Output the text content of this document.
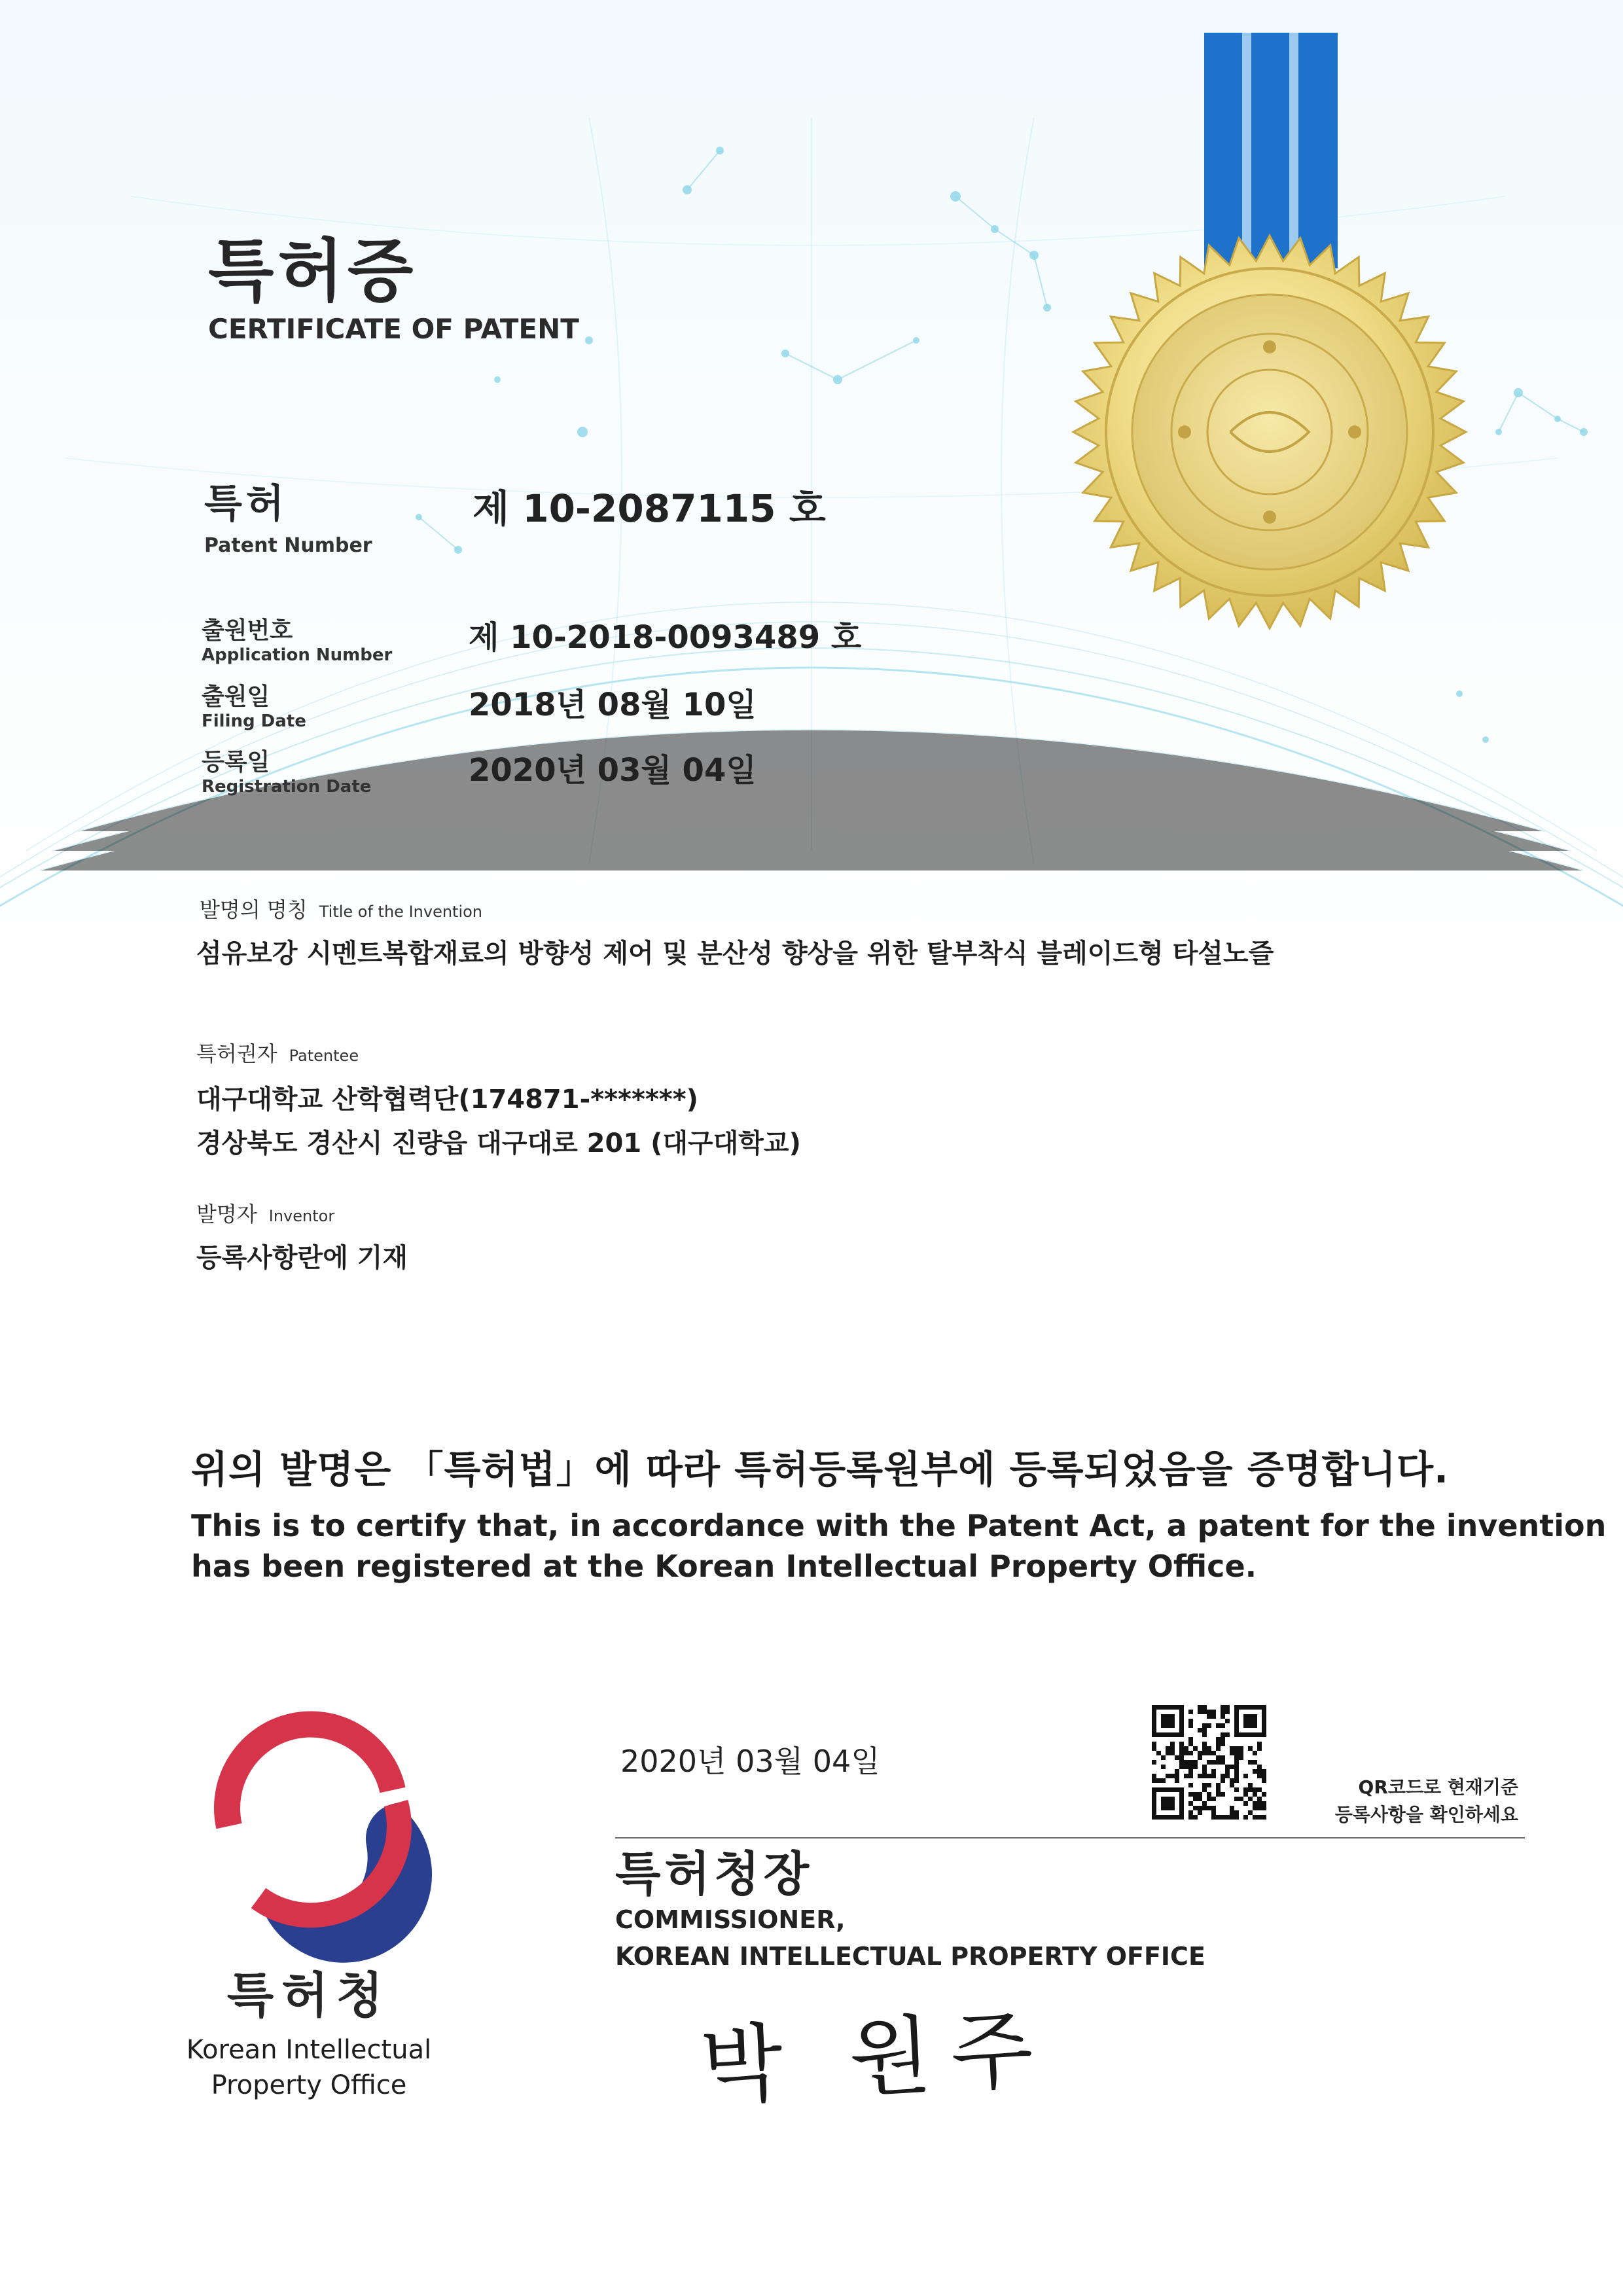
특허증
CERTIFICATE OF PATENT
특허
Patent Number
제 10-2087115 호
출원번호
Application Number 제 10-2018-0093489 호
출원일
Filing Date	2018년 08월 10일
등록일
Registration Date	2020년 03월 04일
발명의 명칭 Title of the Invention
섬유보강 시멘트복합재료의 방향성 제어 및 분산성 향상을 위한 탈부착식 블레이드형 타설노즐
특허권자 Patentee
대구대학교 산학협력단(174871-*******)
경상북도 경산시 진량읍 대구대로 201 (대구대학교)
발명자 Inventor
등록사항란에 기재
위의 발명은 「특허법」에 따라 특허등록원부에 등록되었음을 증명합니다.
This is to certify that, in accordance with the Patent Act, a patent for the invention
has been registered at the Korean Intellectual Property Office.
2020년 03월 04일
QR코드로 현재기준
등록사항을 확인하세요
특허청장
COMMISSIONER,
KOREAN INTELLECTUAL PROPERTY OFFICE
박 원주
특허청
Korean Intellectual
Property Office
